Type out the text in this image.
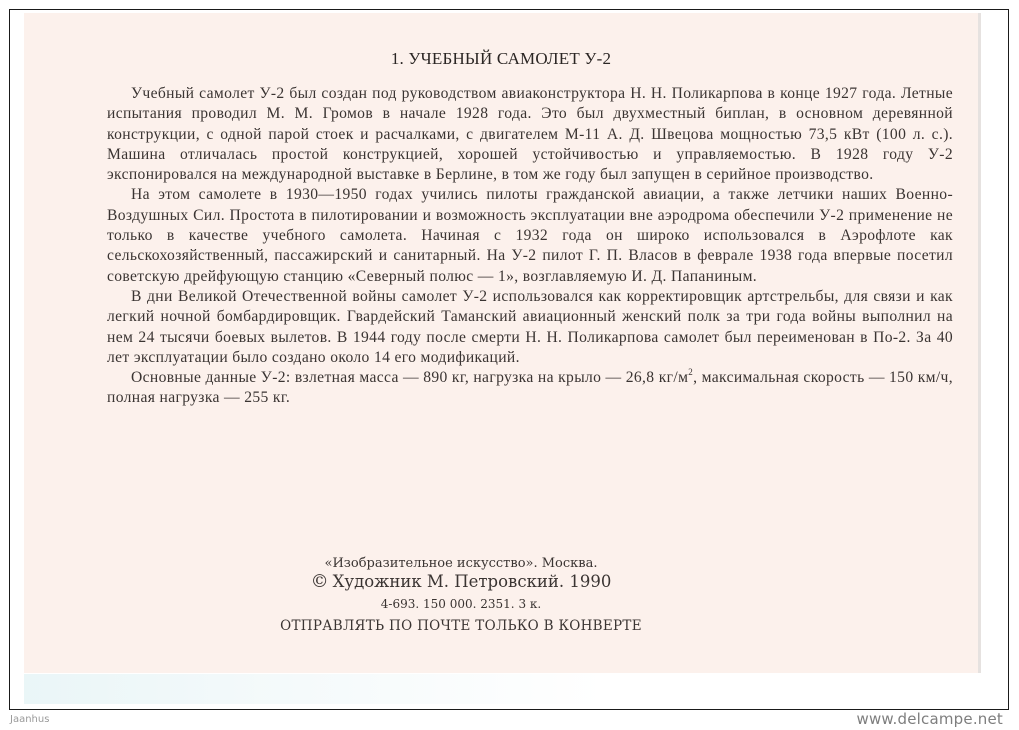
1. УЧЕБНЫЙ САМОЛЕТ У-2

Учебный самолет У-2 был создан под руководством авиаконструктора Н. Н. Поликарпова в конце 1927 года. Летные испытания проводил М. М. Громов в начале 1928 года. Это был двухместный биплан, в основном деревянной конструкции, с одной парой стоек и расчалками, с двигателем М-11 А. Д. Швецова мощностью 73,5 кВт (100 л. с.). Машина отличалась простой конструкцией, хорошей устойчивостью и управляемостью. В 1928 году У-2 экспонировался на международной выставке в Берлине, в том же году был запущен в серийное производство.

На этом самолете в 1930—1950 годах учились пилоты гражданской авиации, а также летчики наших Военно-Воздушных Сил. Простота в пилотировании и возможность эксплуатации вне аэродрома обеспечили У-2 применение не только в качестве учебного самолета. Начиная с 1932 года он широко использовался в Аэрофлоте как сельскохозяйственный, пассажирский и санитарный. На У-2 пилот Г. П. Власов в феврале 1938 года впервые посетил советскую дрейфующую станцию «Северный полюс — 1», возглавляемую И. Д. Папаниным.

В дни Великой Отечественной войны самолет У-2 использовался как корректировщик артстрельбы, для связи и как легкий ночной бомбардировщик. Гвардейский Таманский авиационный женский полк за три года войны выполнил на нем 24 тысячи боевых вылетов. В 1944 году после смерти Н. Н. Поликарпова самолет был переименован в По-2. За 40 лет эксплуатации было создано около 14 его модификаций.

Основные данные У-2: взлетная масса — 890 кг, нагрузка на крыло — 26,8 $кг/м^2$, максимальная скорость — 150 км/ч, полная нагрузка — 255 кг.

«Изобразительное искусство». Москва.
© Художник М. Петровский. 1990
4-693. 150 000. 2351. 3 к.
ОТПРАВЛЯТЬ ПО ПОЧТЕ ТОЛЬКО В КОНВЕРТЕ
Jaanhus	www.delcampe.net
